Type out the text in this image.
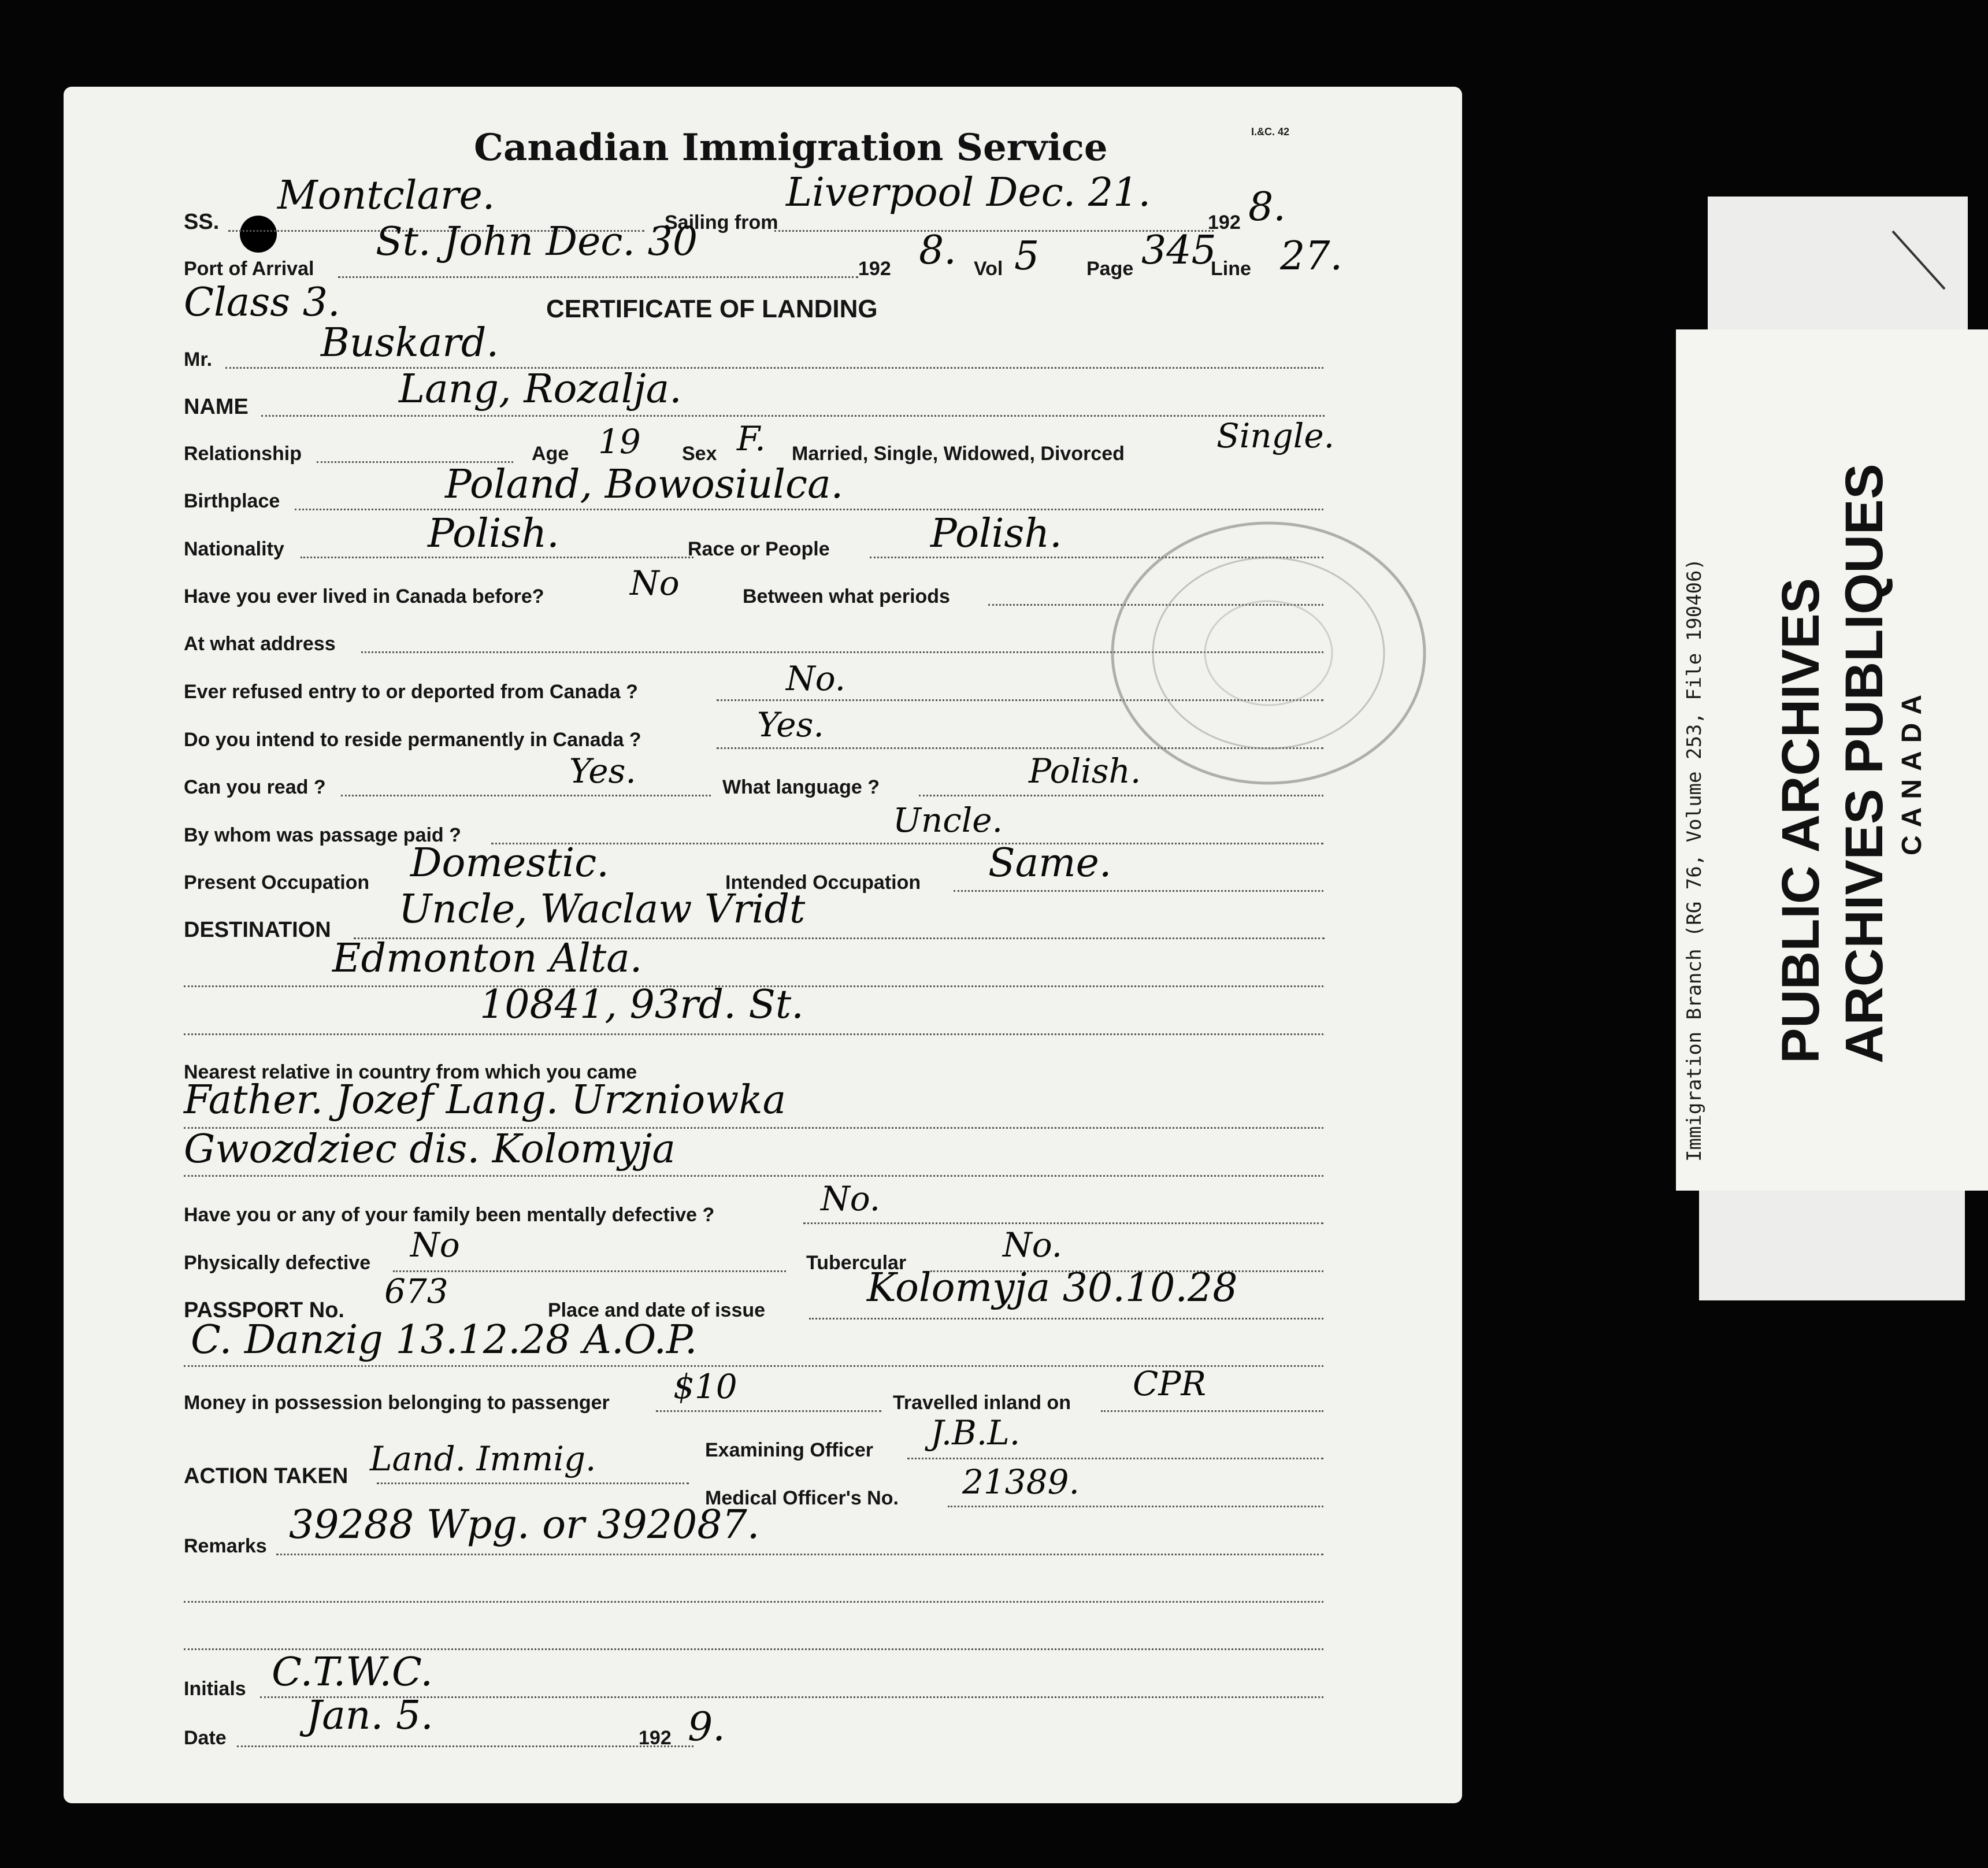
Canadian Immigration Service	I.&C. 42
SS.
Montclare.
Sailing from
Liverpool Dec. 21.
192 8.
Port of Arrival
St. John Dec. 30
192 8. Vol 5 Page 345
Line 27.
Class 3.	CERTIFICATE OF LANDING
Mr.	Buskard.
NAME	Lang, Rozalja.
Relationship	Age 19 Sex F. Married, Single, Widowed, Divorced	Single.
Birthplace	Poland, Bowosiulca.
Nationality	Polish.	Race or People	Polish.
Have you ever lived in Canada before?	No	Between what periods
At what address
Ever refused entry to or deported from Canada ?	No.
Do you intend to reside permanently in Canada ?	Yes.
Can you read ?	Yes.	What language ?	Polish.
By whom was passage paid ?	Uncle.
Present Occupation Domestic.	Intended Occupation Same.
DESTINATION Uncle, Waclaw Vridt
Edmonton Alta.
10841, 93rd. St.
Nearest relative in country from which you came
Father. Jozef Lang. Urzniowka
Gwozdziec dis. Kolomyja
Have you or any of your family been mentally defective ?	No.
Physically defective No	Tubercular	No.
PASSPORT No. 673	Place and date of issue	Kolomyja 30.10.28
C. Danzig 13.12.28 A.O.P.
Money in possession belonging to passenger $10	Travelled inland on CPR
Examining Officer J.B.L.
ACTION TAKEN Land. Immig.
Medical Officer's No. 21389.
Remarks 39288 Wpg. or 392087.
Initials C.T.W.C.
Date Jan. 5.	192 9.
Immigration Branch (RG 76, Volume 253, File 190406) PUBLIC ARCHIVES ARCHIVES PUBLIQUES CANADA
